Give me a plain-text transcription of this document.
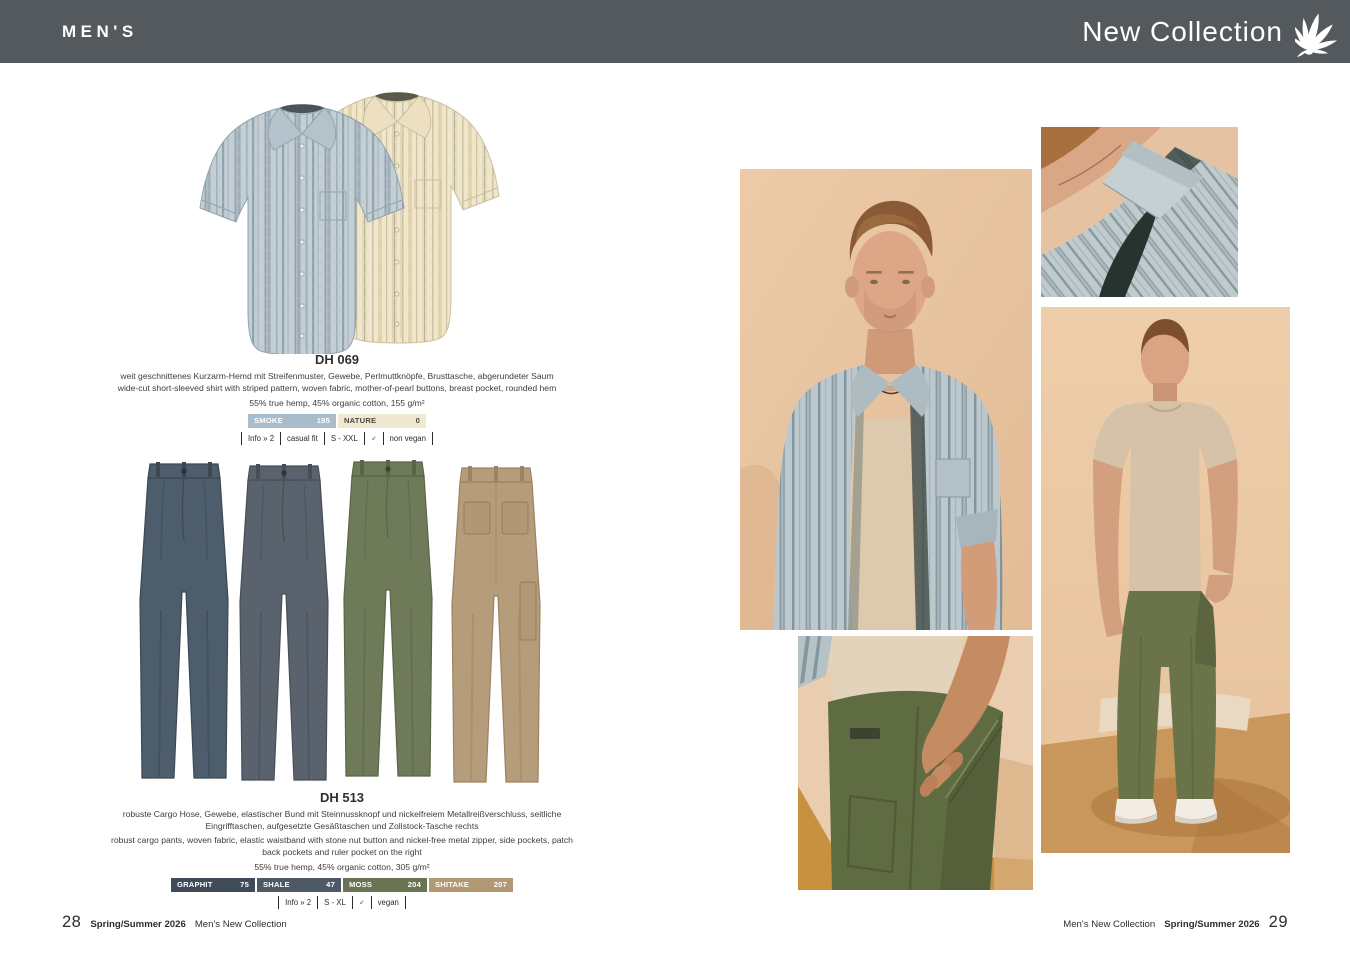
MEN'S	New Collection
DH 069
weit geschnittenes Kurzarm-Hemd mit Streifenmuster, Gewebe, Perlmuttknöpfe, Brusttasche, abgerundeter Saum
wide-cut short-sleeved shirt with striped pattern, woven fabric, mother-of-pearl buttons, breast pocket, rounded hem
55% true hemp, 45% organic cotton, 155 g/m²
SMOKE	195 NATURE	0
Info » 2	casual fit	S - XXL	♂	non vegan
DH 513
robuste Cargo Hose, Gewebe, elastischer Bund mit Steinnussknopf und nickelfreiem Metallreißverschluss, seitliche Eingrifftaschen, aufgesetzte Gesäßtaschen und Zollstock-Tasche rechts
robust cargo pants, woven fabric, elastic waistband with stone nut button and nickel-free metal zipper, side pockets, patch back pockets and ruler pocket on the right
55% true hemp, 45% organic cotton, 305 g/m²
GRAPHIT	75 SHALE	47 MOSS	204 SHITAKE	207
Info » 2	S - XL	♂	vegan
28 Spring/Summer 2026 Men's New Collection	Men's New Collection Spring/Summer 2026 29
